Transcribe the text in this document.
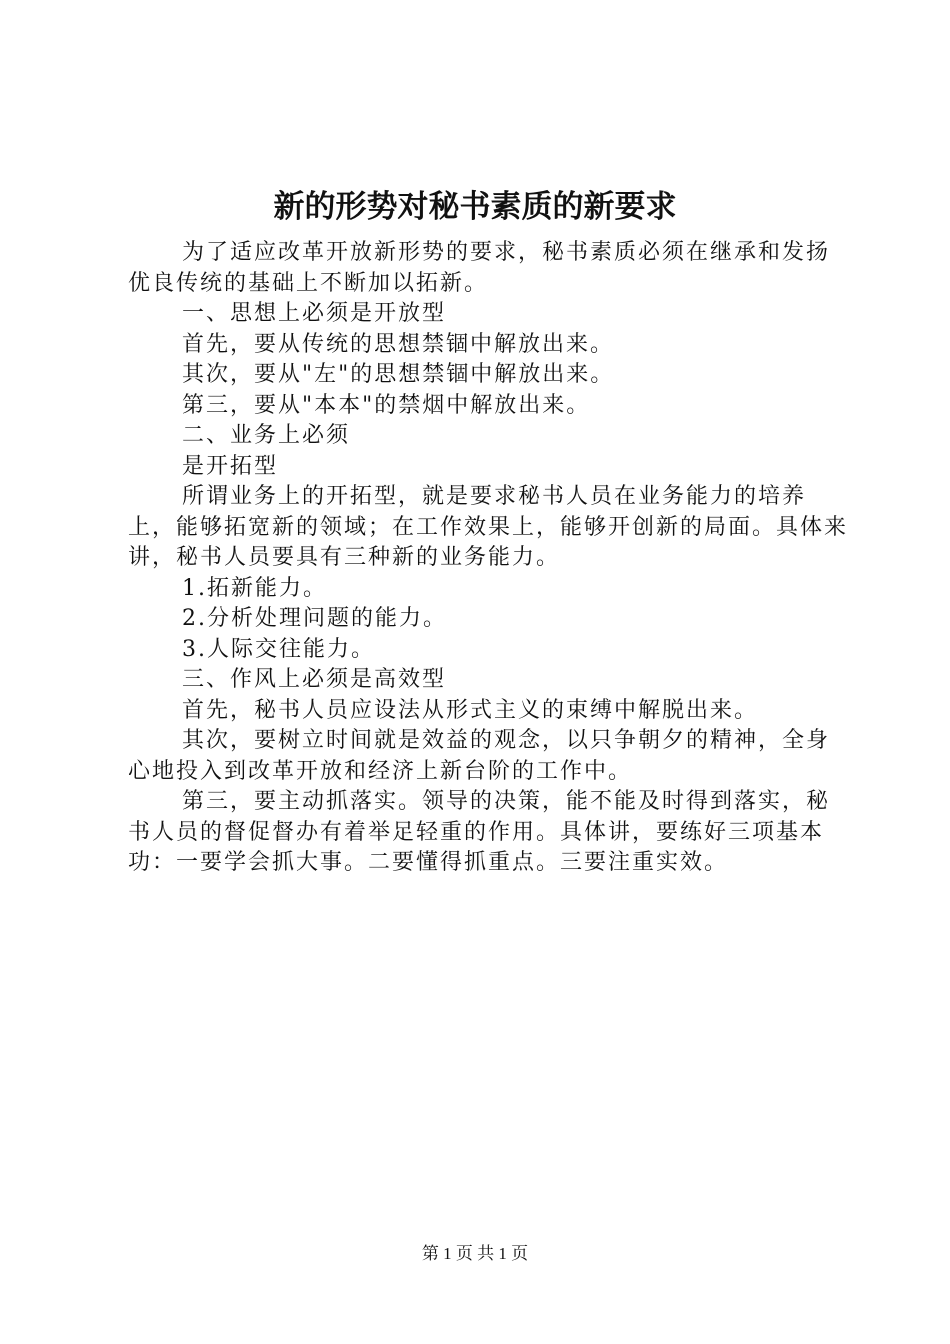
新的形势对秘书素质的新要求

为了适应改革开放新形势的要求，秘书素质必须在继承和发扬优良传统的基础上不断加以拓新。

一、思想上必须是开放型

首先，要从传统的思想禁锢中解放出来。

其次，要从"左"的思想禁锢中解放出来。

第三，要从"本本"的禁烟中解放出来。

二、业务上必须

是开拓型

所谓业务上的开拓型，就是要求秘书人员在业务能力的培养上，能够拓宽新的领域；在工作效果上，能够开创新的局面。具体来讲，秘书人员要具有三种新的业务能力。

1.拓新能力。

2.分析处理问题的能力。

3.人际交往能力。

三、作风上必须是高效型

首先，秘书人员应设法从形式主义的束缚中解脱出来。

其次，要树立时间就是效益的观念，以只争朝夕的精神，全身心地投入到改革开放和经济上新台阶的工作中。

第三，要主动抓落实。领导的决策，能不能及时得到落实，秘书人员的督促督办有着举足轻重的作用。具体讲，要练好三项基本功：一要学会抓大事。二要懂得抓重点。三要注重实效。

第 1 页 共 1 页
